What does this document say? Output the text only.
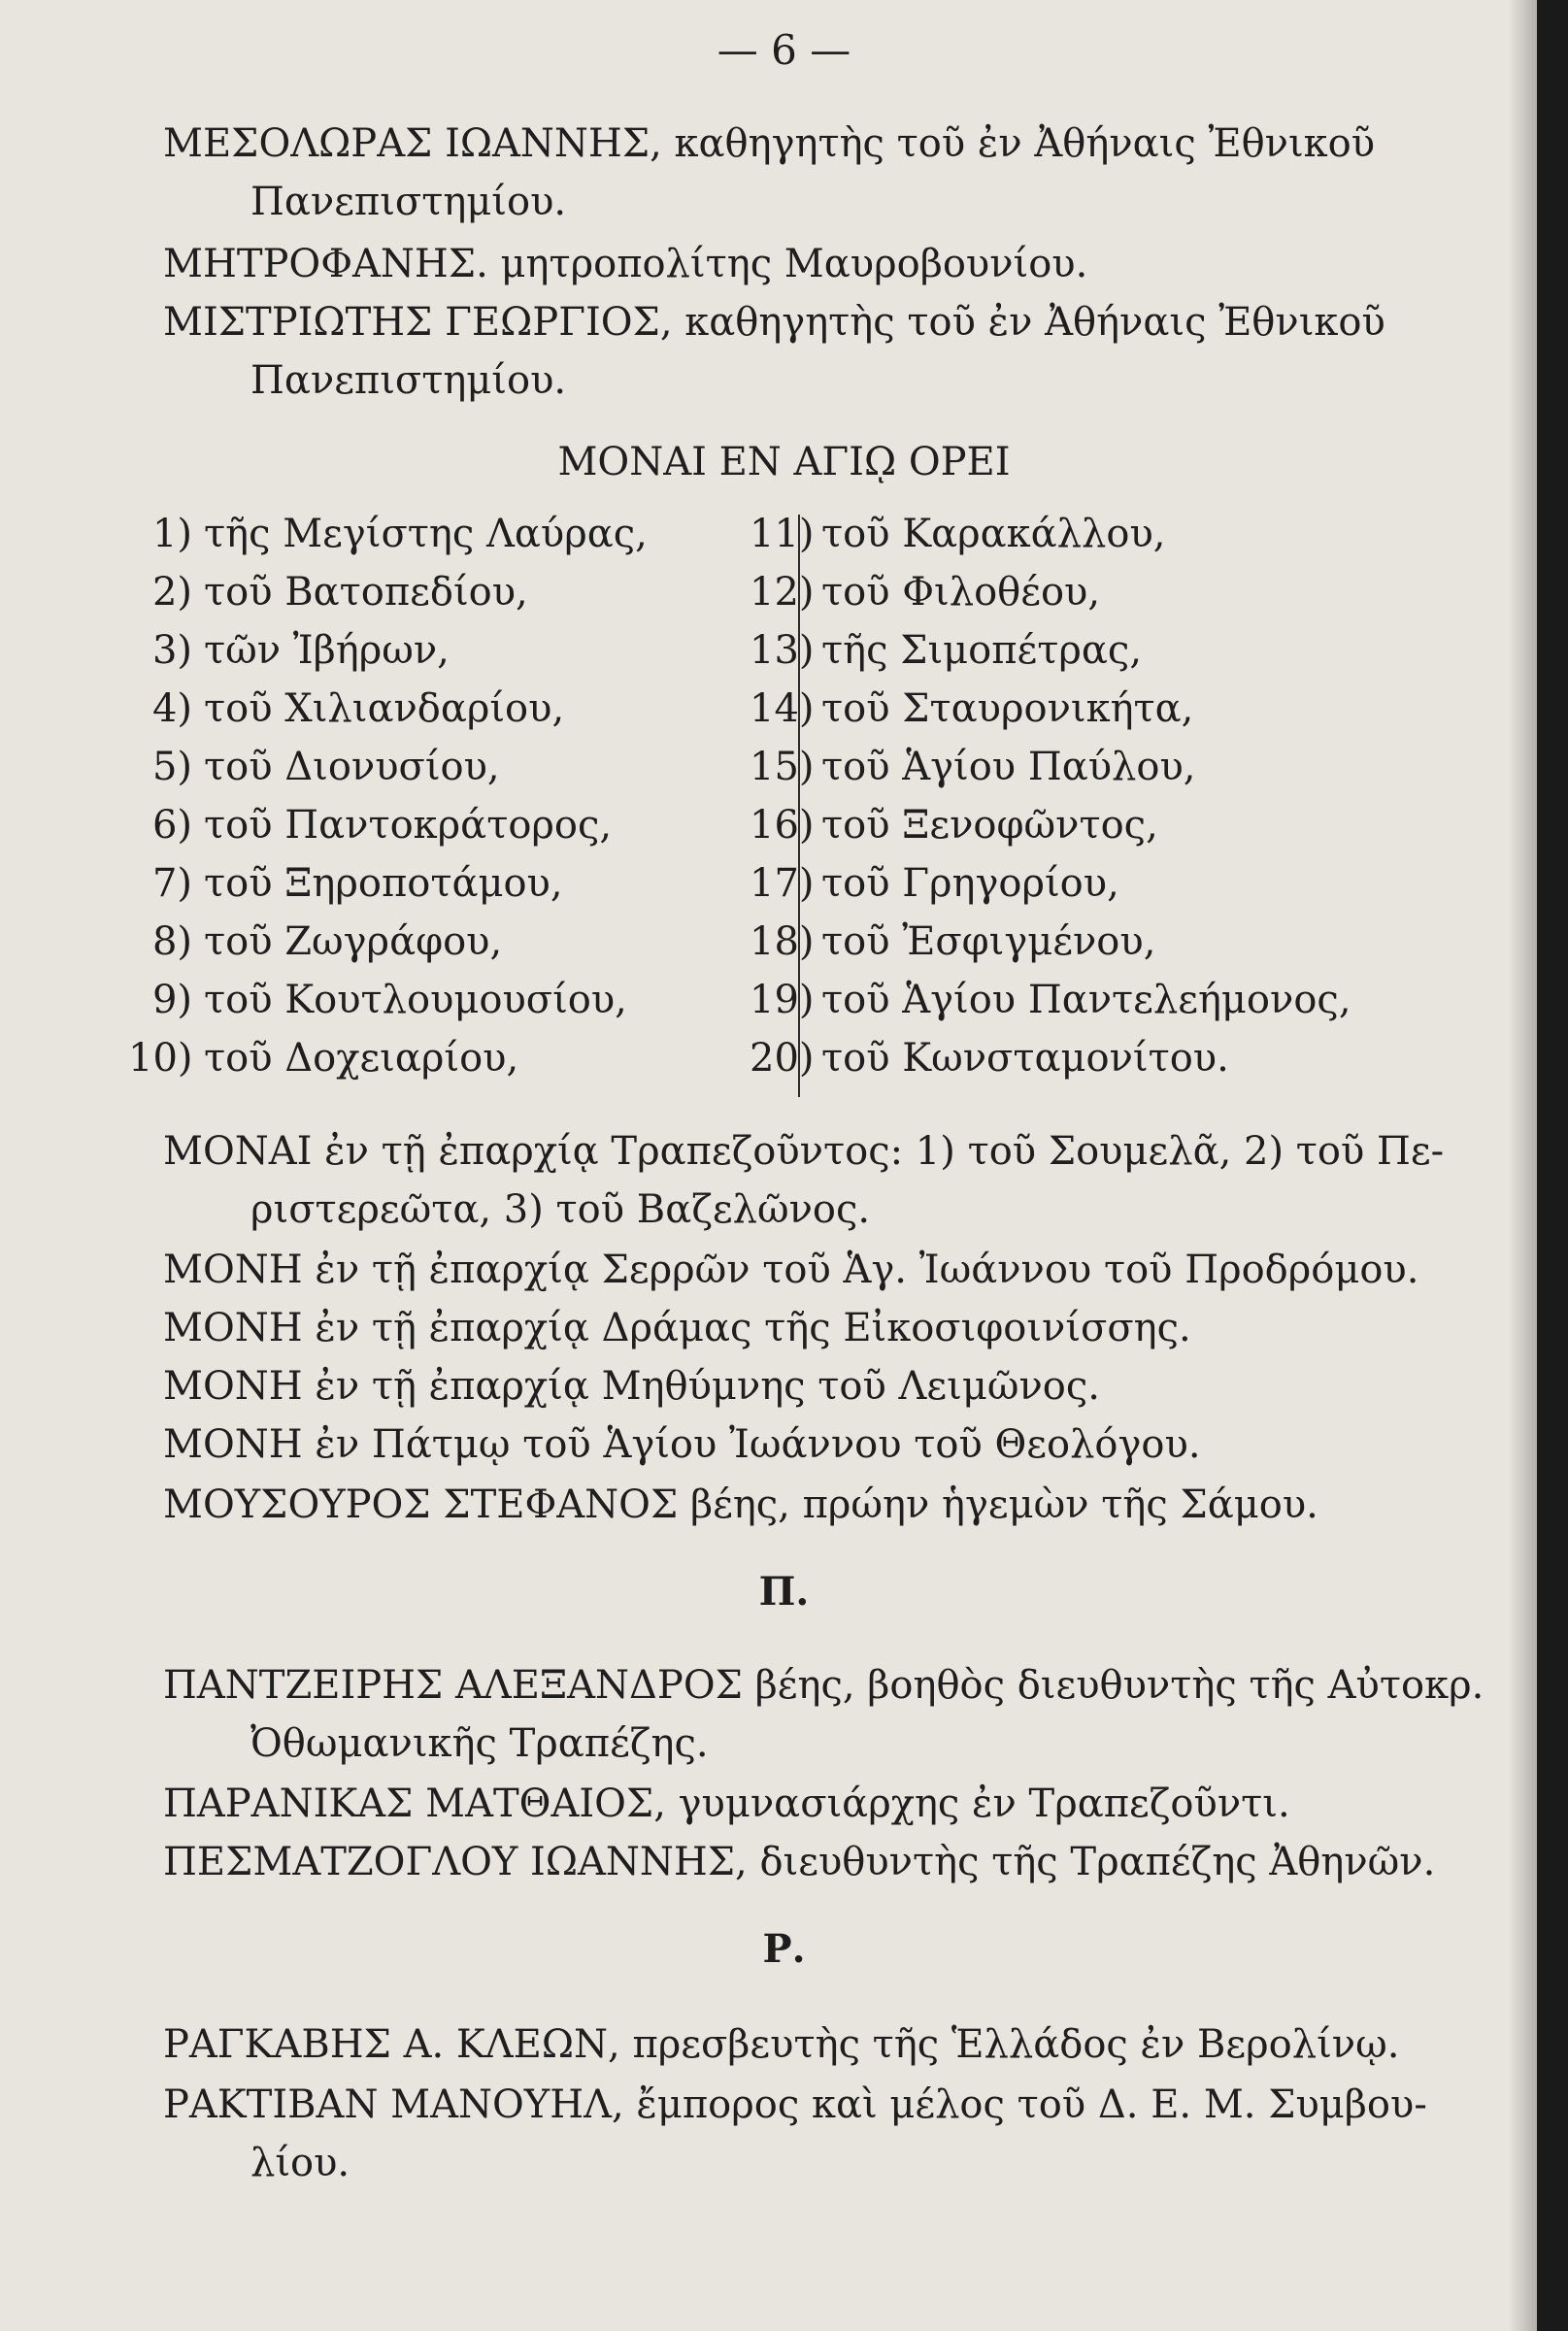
— 6 —
ΜΕΣΟΛΩΡΑΣ ΙΩΑΝΝΗΣ, καθηγητὴς τοῦ ἐν Ἀθήναις Ἐθνικοῦ
Πανεπιστημίου.
ΜΗΤΡΟΦΑΝΗΣ. μητροπολίτης Μαυροβουνίου.
ΜΙΣΤΡΙΩΤΗΣ ΓΕΩΡΓΙΟΣ, καθηγητὴς τοῦ ἐν Ἀθήναις Ἐθνικοῦ
Πανεπιστημίου.
ΜΟΝΑΙ ΕΝ ΑΓΙῼ ΟΡΕΙ
1) τῆς Μεγίστης Λαύρας,
2) τοῦ Βατοπεδίου,
3) τῶν Ἰβήρων,
4) τοῦ Χιλιανδαρίου,
5) τοῦ Διονυσίου,
6) τοῦ Παντοκράτορος,
7) τοῦ Ξηροποτάμου,
8) τοῦ Ζωγράφου,
9) τοῦ Κουτλουμουσίου,
10) τοῦ Δοχειαρίου,
11) τοῦ Καρακάλλου,
12) τοῦ Φιλοθέου,
13) τῆς Σιμοπέτρας,
14) τοῦ Σταυρονικήτα,
15) τοῦ Ἁγίου Παύλου,
16) τοῦ Ξενοφῶντος,
17) τοῦ Γρηγορίου,
18) τοῦ Ἐσφιγμένου,
19) τοῦ Ἁγίου Παντελεήμονος,
20) τοῦ Κωνσταμονίτου.
ΜΟΝΑΙ ἐν τῇ ἐπαρχίᾳ Τραπεζοῦντος: 1) τοῦ Σουμελᾶ, 2) τοῦ Πε-
ριστερεῶτα, 3) τοῦ Βαζελῶνος.
ΜΟΝΗ ἐν τῇ ἐπαρχίᾳ Σερρῶν τοῦ Ἁγ. Ἰωάννου τοῦ Προδρόμου.
ΜΟΝΗ ἐν τῇ ἐπαρχίᾳ Δράμας τῆς Εἰκοσιφοινίσσης.
ΜΟΝΗ ἐν τῇ ἐπαρχίᾳ Μηθύμνης τοῦ Λειμῶνος.
ΜΟΝΗ ἐν Πάτμῳ τοῦ Ἁγίου Ἰωάννου τοῦ Θεολόγου.
ΜΟΥΣΟΥΡΟΣ ΣΤΕΦΑΝΟΣ βέης, πρώην ἡγεμὼν τῆς Σάμου.
Π.
ΠΑΝΤΖΕΙΡΗΣ ΑΛΕΞΑΝΔΡΟΣ βέης, βοηθὸς διευθυντὴς τῆς Αὐτοκρ.
Ὀθωμανικῆς Τραπέζης.
ΠΑΡΑΝΙΚΑΣ ΜΑΤΘΑΙΟΣ, γυμνασιάρχης ἐν Τραπεζοῦντι.
ΠΕΣΜΑΤΖΟΓΛΟΥ ΙΩΑΝΝΗΣ, διευθυντὴς τῆς Τραπέζης Ἀθηνῶν.
Ρ.
ΡΑΓΚΑΒΗΣ Α. ΚΛΕΩΝ, πρεσβευτὴς τῆς Ἑλλάδος ἐν Βερολίνῳ.
ΡΑΚΤΙΒΑΝ ΜΑΝΟΥΗΛ, ἔμπορος καὶ μέλος τοῦ Δ. Ε. Μ. Συμβου-
λίου.
